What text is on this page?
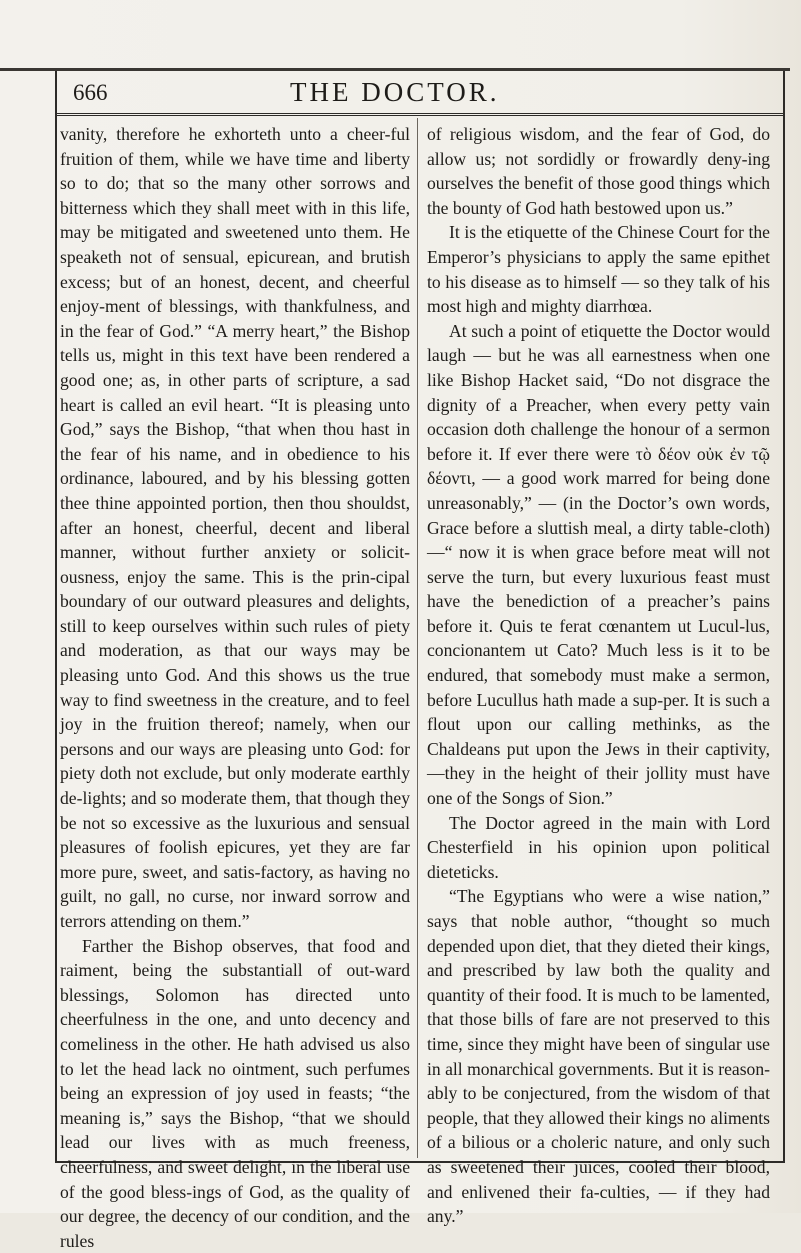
666	THE DOCTOR.

vanity, therefore he exhorteth unto a cheer-ful fruition of them, while we have time and liberty so to do; that so the many other sorrows and bitterness which they shall meet with in this life, may be mitigated and sweetened unto them. He speaketh not of sensual, epicurean, and brutish excess; but of an honest, decent, and cheerful enjoy-ment of blessings, with thankfulness, and in the fear of God.” “A merry heart,” the Bishop tells us, might in this text have been rendered a good one; as, in other parts of scripture, a sad heart is called an evil heart. “It is pleasing unto God,” says the Bishop, “that when thou hast in the fear of his name, and in obedience to his ordinance, laboured, and by his blessing gotten thee thine appointed portion, then thou shouldst, after an honest, cheerful, decent and liberal manner, without further anxiety or solicit-ousness, enjoy the same. This is the prin-cipal boundary of our outward pleasures and delights, still to keep ourselves within such rules of piety and moderation, as that our ways may be pleasing unto God. And this shows us the true way to find sweetness in the creature, and to feel joy in the fruition thereof; namely, when our persons and our ways are pleasing unto God: for piety doth not exclude, but only moderate earthly de-lights; and so moderate them, that though they be not so excessive as the luxurious and sensual pleasures of foolish epicures, yet they are far more pure, sweet, and satis-factory, as having no guilt, no gall, no curse, nor inward sorrow and terrors attending on them.”

Farther the Bishop observes, that food and raiment, being the substantiall of out-ward blessings, Solomon has directed unto cheerfulness in the one, and unto decency and comeliness in the other. He hath advised us also to let the head lack no ointment, such perfumes being an expression of joy used in feasts; “the meaning is,” says the Bishop, “that we should lead our lives with as much freeness, cheerfulness, and sweet delight, in the liberal use of the good bless-ings of God, as the quality of our degree, the decency of our condition, and the rules

of religious wisdom, and the fear of God, do allow us; not sordidly or frowardly deny-ing ourselves the benefit of those good things which the bounty of God hath bestowed upon us.”

It is the etiquette of the Chinese Court for the Emperor’s physicians to apply the same epithet to his disease as to himself — so they talk of his most high and mighty diarrhœa.

At such a point of etiquette the Doctor would laugh — but he was all earnestness when one like Bishop Hacket said, “Do not disgrace the dignity of a Preacher, when every petty vain occasion doth challenge the honour of a sermon before it. If ever there were τὸ δέον οὐκ ἐν τῷ δέοντι, — a good work marred for being done unreasonably,” — (in the Doctor’s own words, Grace before a sluttish meal, a dirty table-cloth) —“ now it is when grace before meat will not serve the turn, but every luxurious feast must have the benediction of a preacher’s pains before it. Quis te ferat cœnantem ut Lucul-lus, concionantem ut Cato? Much less is it to be endured, that somebody must make a sermon, before Lucullus hath made a sup-per. It is such a flout upon our calling methinks, as the Chaldeans put upon the Jews in their captivity,—they in the height of their jollity must have one of the Songs of Sion.”

The Doctor agreed in the main with Lord Chesterfield in his opinion upon political dieteticks.

“The Egyptians who were a wise nation,” says that noble author, “thought so much depended upon diet, that they dieted their kings, and prescribed by law both the quality and quantity of their food. It is much to be lamented, that those bills of fare are not preserved to this time, since they might have been of singular use in all monarchical governments. But it is reason-ably to be conjectured, from the wisdom of that people, that they allowed their kings no aliments of a bilious or a choleric nature, and only such as sweetened their juices, cooled their blood, and enlivened their fa-culties, — if they had any.”
